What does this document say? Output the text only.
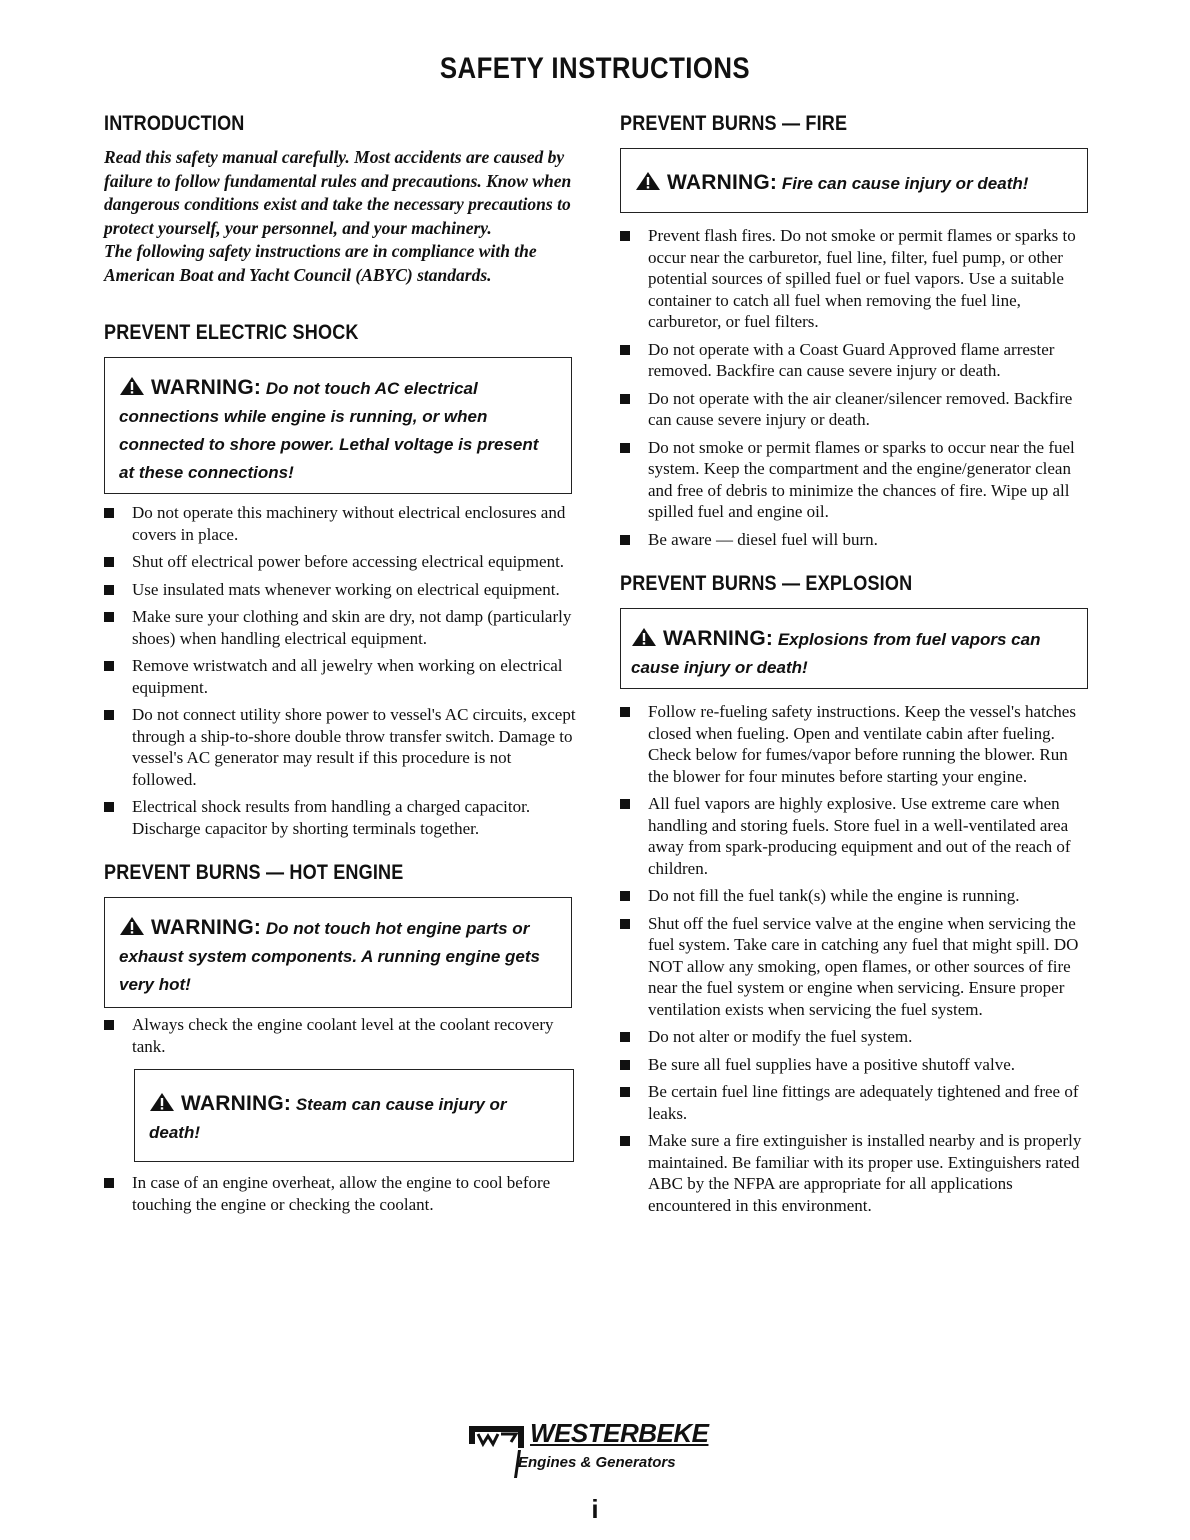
SAFETY INSTRUCTIONS
INTRODUCTION

Read this safety manual carefully. Most accidents are caused by failure to follow fundamental rules and precautions. Know when dangerous conditions exist and take the necessary precautions to protect yourself, your personnel, and your machinery.

The following safety instructions are in compliance with the American Boat and Yacht Council (ABYC) standards.

PREVENT ELECTRIC SHOCK
WARNING: Do not touch AC electrical connections while engine is running, or when connected to shore power. Lethal voltage is present at these connections!
Do not operate this machinery without electrical enclosures and covers in place.
Shut off electrical power before accessing electrical equipment.
Use insulated mats whenever working on electrical equipment.
Make sure your clothing and skin are dry, not damp (particularly shoes) when handling electrical equipment.
Remove wristwatch and all jewelry when working on electrical equipment.
Do not connect utility shore power to vessel's AC circuits, except through a ship-to-shore double throw transfer switch. Damage to vessel's AC generator may result if this procedure is not followed.
Electrical shock results from handling a charged capacitor. Discharge capacitor by shorting terminals together.
PREVENT BURNS — HOT ENGINE
WARNING: Do not touch hot engine parts or exhaust system components. A running engine gets very hot!
Always check the engine coolant level at the coolant recovery tank.
WARNING: Steam can cause injury or death!
In case of an engine overheat, allow the engine to cool before touching the engine or checking the coolant.
PREVENT BURNS — FIRE
WARNING: Fire can cause injury or death!
Prevent flash fires. Do not smoke or permit flames or sparks to occur near the carburetor, fuel line, filter, fuel pump, or other potential sources of spilled fuel or fuel vapors. Use a suitable container to catch all fuel when removing the fuel line, carburetor, or fuel filters.
Do not operate with a Coast Guard Approved flame arrester removed. Backfire can cause severe injury or death.
Do not operate with the air cleaner/silencer removed. Backfire can cause severe injury or death.
Do not smoke or permit flames or sparks to occur near the fuel system. Keep the compartment and the engine/generator clean and free of debris to minimize the chances of fire. Wipe up all spilled fuel and engine oil.
Be aware — diesel fuel will burn.
PREVENT BURNS — EXPLOSION
WARNING: Explosions from fuel vapors can cause injury or death!
Follow re-fueling safety instructions. Keep the vessel's hatches closed when fueling. Open and ventilate cabin after fueling. Check below for fumes/vapor before running the blower. Run the blower for four minutes before starting your engine.
All fuel vapors are highly explosive. Use extreme care when handling and storing fuels. Store fuel in a well-ventilated area away from spark-producing equipment and out of the reach of children.
Do not fill the fuel tank(s) while the engine is running.
Shut off the fuel service valve at the engine when servicing the fuel system. Take care in catching any fuel that might spill. DO NOT allow any smoking, open flames, or other sources of fire near the fuel system or engine when servicing. Ensure proper ventilation exists when servicing the fuel system.
Do not alter or modify the fuel system.
Be sure all fuel supplies have a positive shutoff valve.
Be certain fuel line fittings are adequately tightened and free of leaks.
Make sure a fire extinguisher is installed nearby and is properly maintained. Be familiar with its proper use. Extinguishers rated ABC by the NFPA are appropriate for all applications encountered in this environment.
WESTERBEKE
Engines & Generators
i
